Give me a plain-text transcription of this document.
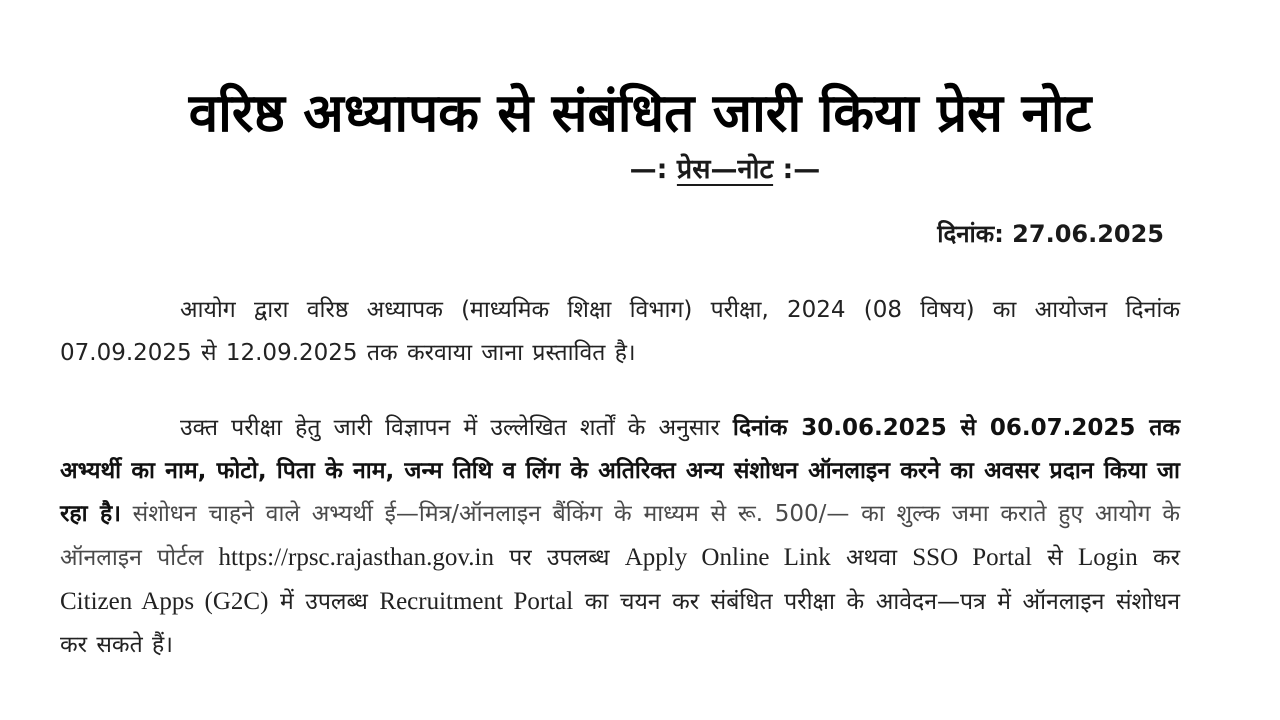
वरिष्ठ अध्यापक से संबंधित जारी किया प्रेस नोट
—: प्रेस—नोट :—
दिनांक: 27.06.2025

आयोग द्वारा वरिष्ठ अध्यापक (माध्यमिक शिक्षा विभाग) परीक्षा, 2024 (08 विषय) का आयोजन दिनांक 07.09.2025 से 12.09.2025 तक करवाया जाना प्रस्तावित है।

उक्त परीक्षा हेतु जारी विज्ञापन में उल्लेखित शर्तों के अनुसार दिनांक 30.06.2025 से 06.07.2025 तक अभ्यर्थी का नाम, फोटो, पिता के नाम, जन्म तिथि व लिंग के अतिरिक्त अन्य संशोधन ऑनलाइन करने का अवसर प्रदान किया जा रहा है। संशोधन चाहने वाले अभ्यर्थी ई—मित्र/ऑनलाइन बैंकिंग के माध्यम से रू. 500/— का शुल्क जमा कराते हुए आयोग के ऑनलाइन पोर्टल https://rpsc.rajasthan.gov.in पर उपलब्ध Apply Online Link अथवा SSO Portal से Login कर Citizen Apps (G2C) में उपलब्ध Recruitment Portal का चयन कर संबंधित परीक्षा के आवेदन—पत्र में ऑनलाइन संशोधन कर सकते हैं।
